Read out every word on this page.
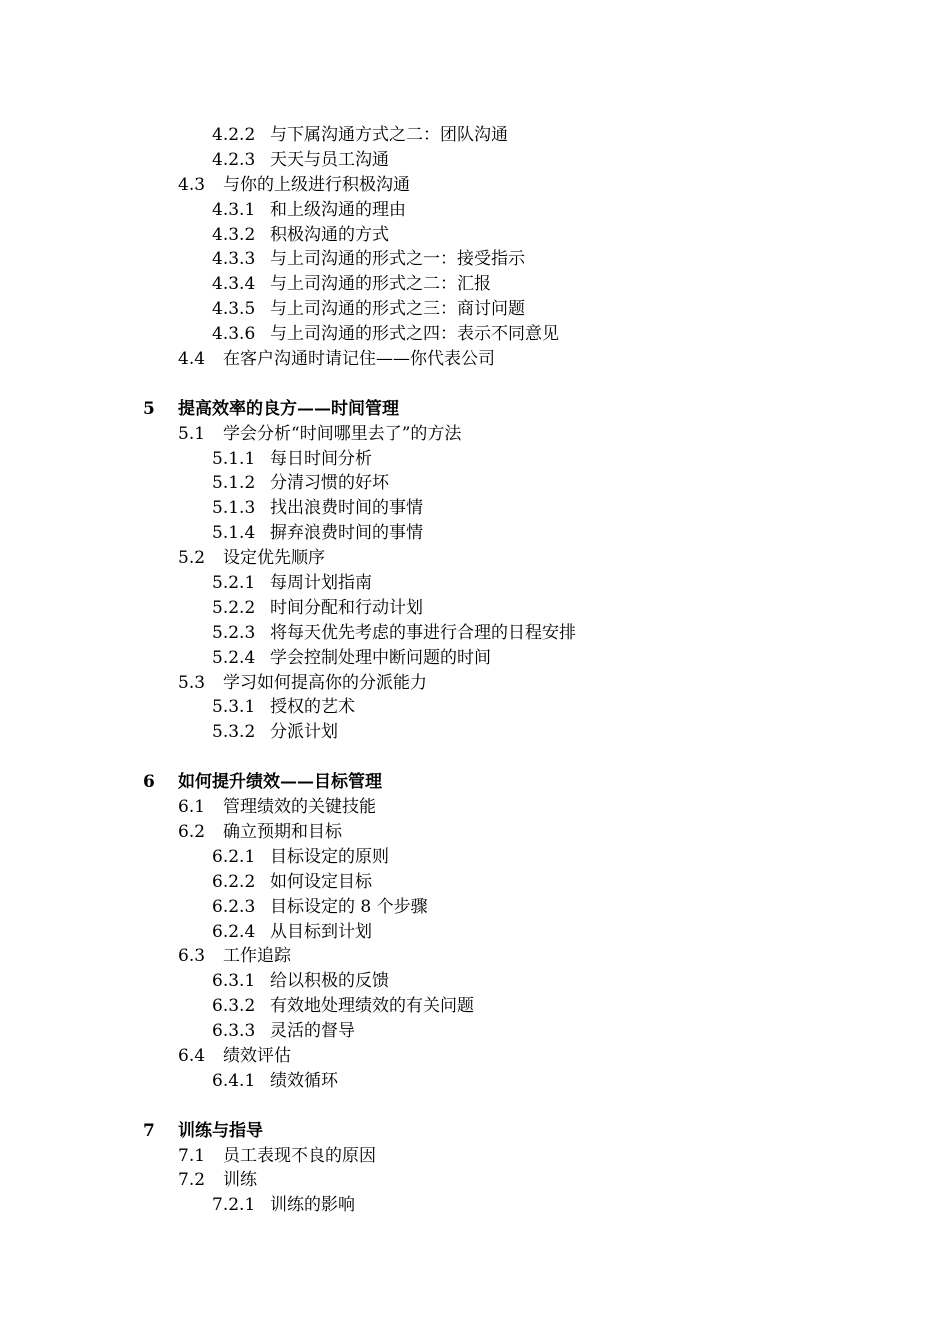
4.2.2 与下属沟通方式之二：团队沟通
4.2.3 天天与员工沟通
4.3 与你的上级进行积极沟通
4.3.1 和上级沟通的理由
4.3.2 积极沟通的方式
4.3.3 与上司沟通的形式之一：接受指示
4.3.4 与上司沟通的形式之二：汇报
4.3.5 与上司沟通的形式之三：商讨问题
4.3.6 与上司沟通的形式之四：表示不同意见
4.4 在客户沟通时请记住——你代表公司
5 提高效率的良方——时间管理
5.1 学会分析“时间哪里去了”的方法
5.1.1 每日时间分析
5.1.2 分清习惯的好坏
5.1.3 找出浪费时间的事情
5.1.4 摒弃浪费时间的事情
5.2 设定优先顺序
5.2.1 每周计划指南
5.2.2 时间分配和行动计划
5.2.3 将每天优先考虑的事进行合理的日程安排
5.2.4 学会控制处理中断问题的时间
5.3 学习如何提高你的分派能力
5.3.1 授权的艺术
5.3.2 分派计划
6 如何提升绩效——目标管理
6.1 管理绩效的关键技能
6.2 确立预期和目标
6.2.1 目标设定的原则
6.2.2 如何设定目标
6.2.3 目标设定的 8 个步骤
6.2.4 从目标到计划
6.3 工作追踪
6.3.1 给以积极的反馈
6.3.2 有效地处理绩效的有关问题
6.3.3 灵活的督导
6.4 绩效评估
6.4.1 绩效循环
7 训练与指导
7.1 员工表现不良的原因
7.2 训练
7.2.1 训练的影响
